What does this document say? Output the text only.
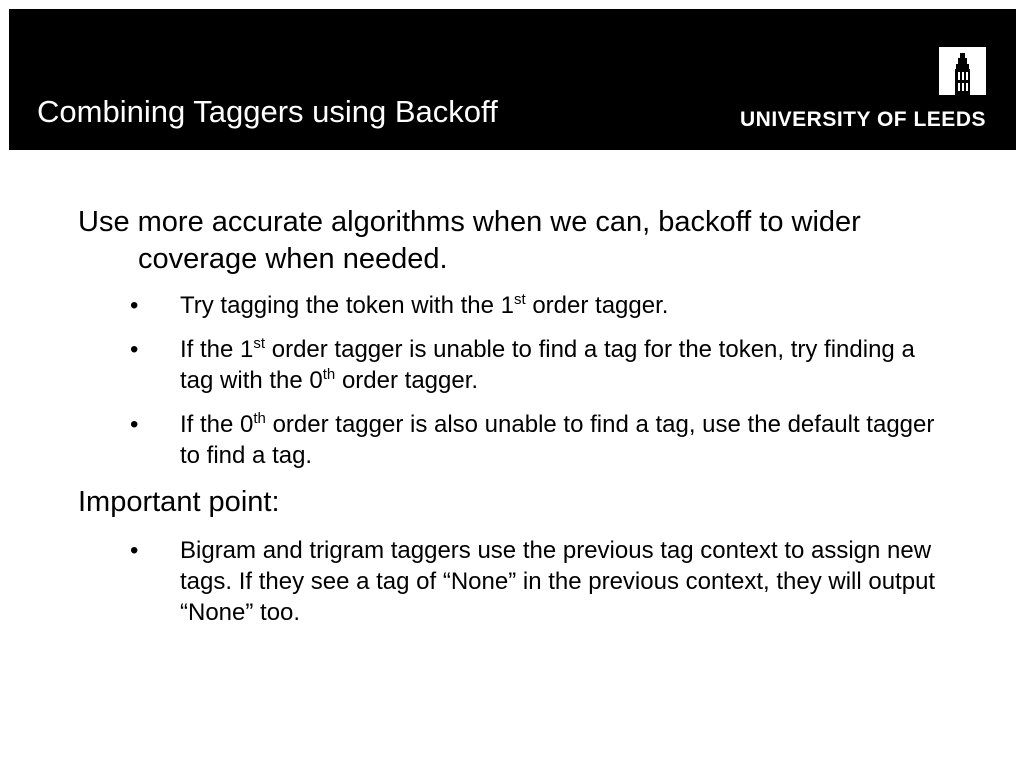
Combining Taggers using Backoff	UNIVERSITY OF LEEDS

Use more accurate algorithms when we can, backoff to wider coverage when needed.

• Try tagging the token with the 1st order tagger.
• If the 1st order tagger is unable to find a tag for the token, try finding a tag with the 0th order tagger.
• If the 0th order tagger is also unable to find a tag, use the default tagger to find a tag.

Important point:

• Bigram and trigram taggers use the previous tag context to assign new tags. If they see a tag of “None” in the previous context, they will output “None” too.
